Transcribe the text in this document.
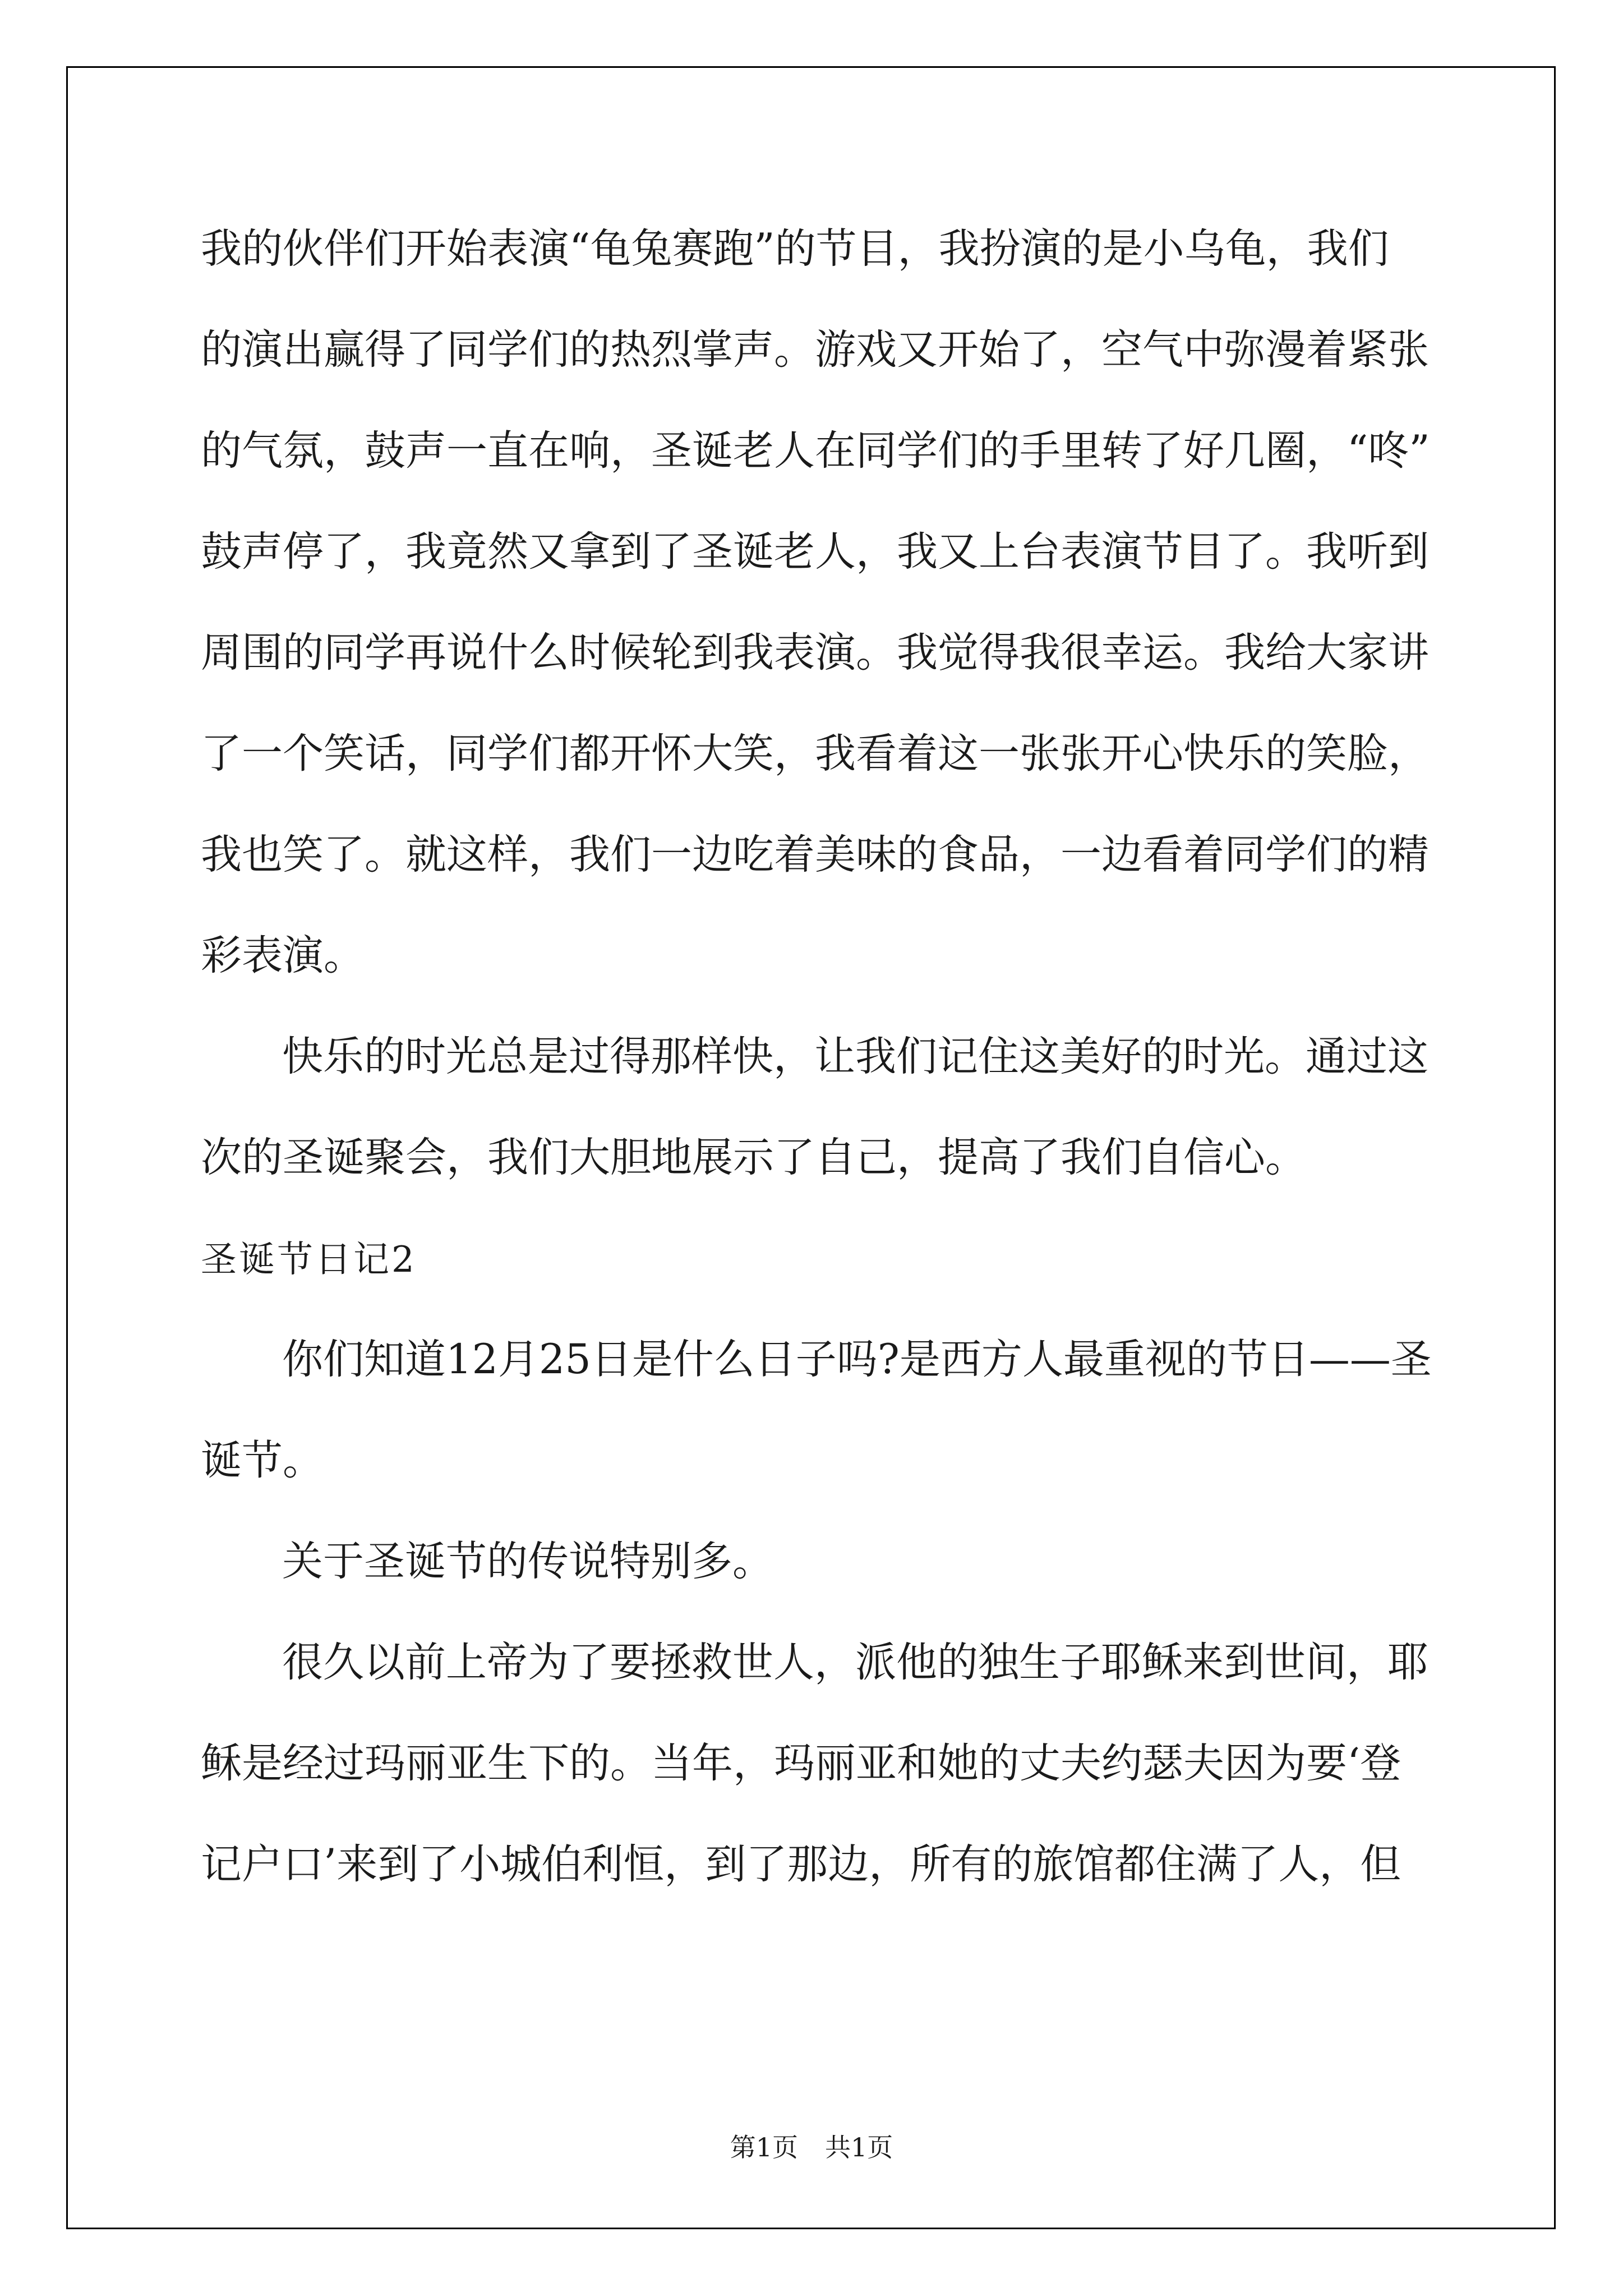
我的伙伴们开始表演“龟兔赛跑”的节目，我扮演的是小乌龟，我们
的演出赢得了同学们的热烈掌声。游戏又开始了，空气中弥漫着紧张
的气氛，鼓声一直在响，圣诞老人在同学们的手里转了好几圈，“咚”
鼓声停了，我竟然又拿到了圣诞老人，我又上台表演节目了。我听到
周围的同学再说什么时候轮到我表演。我觉得我很幸运。我给大家讲
了一个笑话，同学们都开怀大笑，我看着这一张张开心快乐的笑脸，
我也笑了。就这样，我们一边吃着美味的食品，一边看着同学们的精
彩表演。
快乐的时光总是过得那样快，让我们记住这美好的时光。通过这
次的圣诞聚会，我们大胆地展示了自己，提高了我们自信心。
圣诞节日记2
你们知道12月25日是什么日子吗?是西方人最重视的节日——圣
诞节。
关于圣诞节的传说特别多。
很久以前上帝为了要拯救世人，派他的独生子耶稣来到世间，耶
稣是经过玛丽亚生下的。当年，玛丽亚和她的丈夫约瑟夫因为要‘登
记户口’来到了小城伯利恒，到了那边，所有的旅馆都住满了人，但
第1页 共1页
